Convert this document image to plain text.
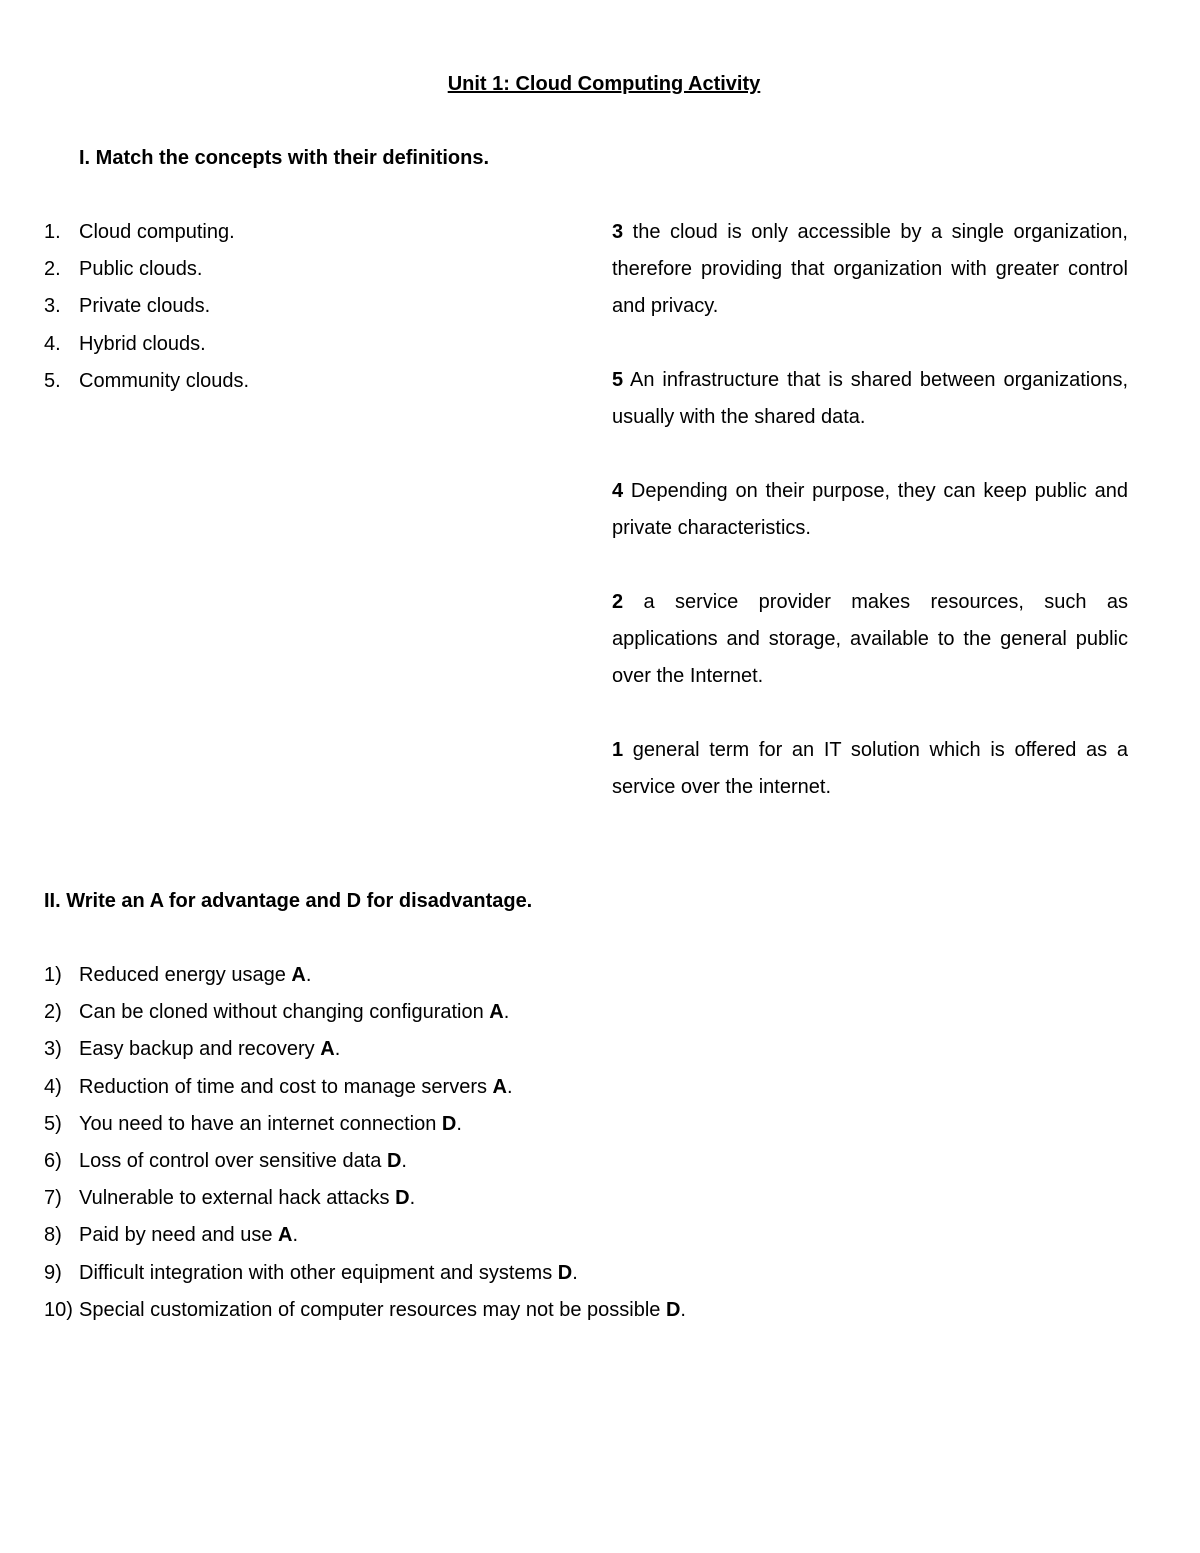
Unit 1: Cloud Computing Activity
I. Match the concepts with their definitions.
1. Cloud computing.
2. Public clouds.
3. Private clouds.
4. Hybrid clouds.
5. Community clouds.

3 the cloud is only accessible by a single organization, therefore providing that organization with greater control and privacy.

5 An infrastructure that is shared between organizations, usually with the shared data.

4 Depending on their purpose, they can keep public and private characteristics.

2 a service provider makes resources, such as applications and storage, available to the general public over the Internet.

1 general term for an IT solution which is offered as a service over the internet.

II. Write an A for advantage and D for disadvantage.
1) Reduced energy usage A.
2) Can be cloned without changing configuration A.
3) Easy backup and recovery A.
4) Reduction of time and cost to manage servers A.
5) You need to have an internet connection D.
6) Loss of control over sensitive data D.
7) Vulnerable to external hack attacks D.
8) Paid by need and use A.
9) Difficult integration with other equipment and systems D.
10) Special customization of computer resources may not be possible D.
